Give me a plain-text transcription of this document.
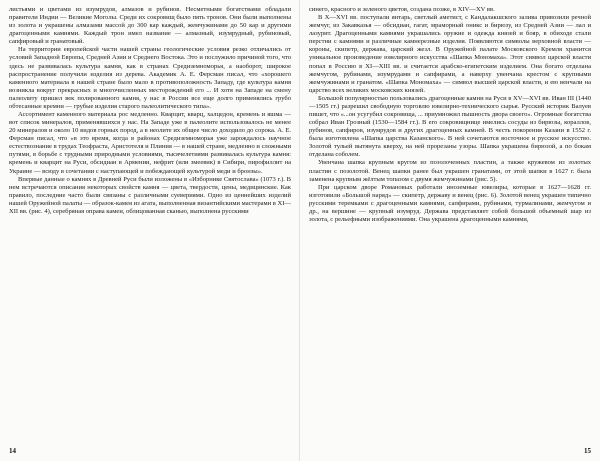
листьями и цветами из изумрудов, алмазов и рубинов. Несметными богатствами обладали правители Индии — Великие Моголы. Среди их сокровищ было пять тронов. Они были выполнены из золота и украшены алмазами массой до 300 кар каждый, жемчужинами до 50 кар и другими драгоценными камнями. Каждый трон имел название — алмазный, изумрудный, рубиновый, сапфировый и гранатовый.

На территории европейской части нашей страны геологические условия резко отличались от условий Западной Европы, Средней Азии и Среднего Востока. Это и послужило причиной того, что здесь не развивалась культура камня, как в странах Средиземноморья, а наоборот, широкое распространение получили изделия из дерева. Академик А. Е. Ферсман писал, что «хорошего каменного материала в нашей стране было мало в противоположность Западу, где культура камня возникла вокруг прекрасных и многочисленных месторождений его ... И хотя на Западе на смену палеолиту пришел век полированного камня, у нас в России все еще долго применялись грубо обтесанные кремни — грубые изделия старого палеолитического типа».

Ассортимент каменного материала рос медленно. Кварцит, кварц, халцедон, кремень и яшма — вот список минералов, применявшихся у нас. На Западе уже в палеолите использовалось не менее 20 минералов и около 10 видов горных пород, а в неолите их общее число доходило до сорока. А. Е. Ферсман писал, что «в это время, когда в районах Средиземноморья уже зарождалось научное естествознание в трудах Теофраста, Аристотеля и Плиния — в нашей стране, медленно и сложными путями, в борьбе с трудными природными условиями, тысячелетиями развивалась культура камня: кремень и кварцит на Руси, обсидиан в Армении, нефрит (или змеевик) в Сибири, пирофиллит на Украине — всюду в сочетании с наступающей и побеждающей культурой меди и бронзы».

Впервые данные о камнях в Древней Руси были изложены в «Изборнике Святослава» (1073 г.). В нем встречаются описания некоторых свойств камня — цвета, твердости, цены, медицинские. Как правило, последние часто были связаны с различными суевериями. Одно из ценнейших изделий нашей Оружейной палаты — образок-камея из агата, выполненная византийскими мастерами в XI—XII вв. (рис. 4), серебряная оправа камеи, облицованная сканью, выполнена русскими

14

синего, красного и зеленого цветов, создана позже, в XIV—XV вв.

В X—XVI вв. поступали янтарь, светлый аметист, с Кандалакшского залива привозили речной жемчуг, из Закавказья — обсидиан, гагат, мраморный оникс и бирюзу, из Средней Азии — лал и лазурит. Драгоценными камнями украшались оружие и одежда князей и бояр, в обиходе стали перстни с камнями и различные камнерезные изделия. Появляются символы верховной власти — короны, скипетр, держава, царский жезл. В Оружейной палате Московского Кремля хранится уникальное произведение ювелирного искусства «Шапка Мономаха». Этот символ царской власти попал в Россию в XI—XIII вв. и считается арабско-египетским изделием. Она богато отделана жемчугом, рубинами, изумрудами и сапфирами, а наверху увенчана крестом с крупными жемчужинами и гранатом. «Шапка Мономаха» — символ высшей царской власти, и ею венчали на царство всех великих московских князей.

Большой популярностью пользовались драгоценные камни на Руси в XV—XVI вв. Иван III (1440—1505 гг.) разрешил свободную торговлю ювелирно-технического сырья. Русский историк Валуев пишет, что «...он усугубил сокровища, ... приумножил пышность двора своего». Огромные богатства собрал Иван Грозный (1530—1584 гг.). В его сокровищнице имелись сосуды из бирюзы, кораллов, рубинов, сапфиров, изумрудов и других драгоценных камней. В честь покорения Казани в 1552 г. была изготовлена «Шапка царства Казанского». В ней сочетаются восточное и русское искусство. Золотой тульей вытянута кверху, на ней прорезаны узоры. Шапка украшена бирюзой, а по бокам отделана соболем.

Увенчана шапка крупным кругом из позолоченных пластин, а также кружевом из золотых пластин с позолотой. Венец шапки ранее был украшен гранатами, от этой шапки в 1627 г. была заменена крупным жёлтым топазом с двумя жемчужинами (рис. 5).

При царском дворе Романовых работали иноземные ювелиры, которые в 1627—1628 гг. изготовили «Большой наряд» — скипетр, державу и венец (рис. 6). Золотой венец украшен типично русскими теремками с драгоценными камнями, сапфирами, рубинами, турмалинами, жемчугом и др., на вершине — крупный изумруд. Держава представляет собой большой объемный шар из золота, с рельефными изображениями. Она украшена драгоценными камнями,

15
